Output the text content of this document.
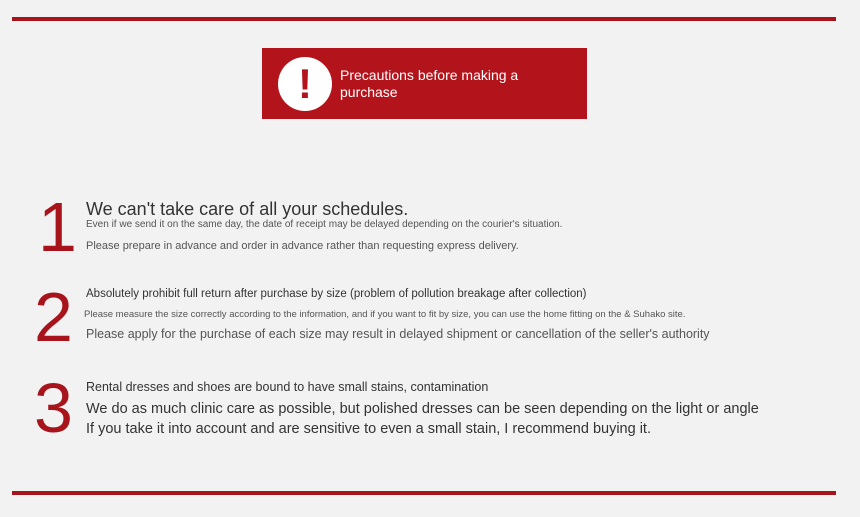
! Precautions before making a purchase
1 We can't take care of all your schedules.
Even if we send it on the same day, the date of receipt may be delayed depending on the courier's situation.
Please prepare in advance and order in advance rather than requesting express delivery.
2 Absolutely prohibit full return after purchase by size (problem of pollution breakage after collection)
Please measure the size correctly according to the information, and if you want to fit by size, you can use the home fitting on the & Suhako site.
Please apply for the purchase of each size may result in delayed shipment or cancellation of the seller's authority
3 Rental dresses and shoes are bound to have small stains, contamination
We do as much clinic care as possible, but polished dresses can be seen depending on the light or angle
If you take it into account and are sensitive to even a small stain, I recommend buying it.
